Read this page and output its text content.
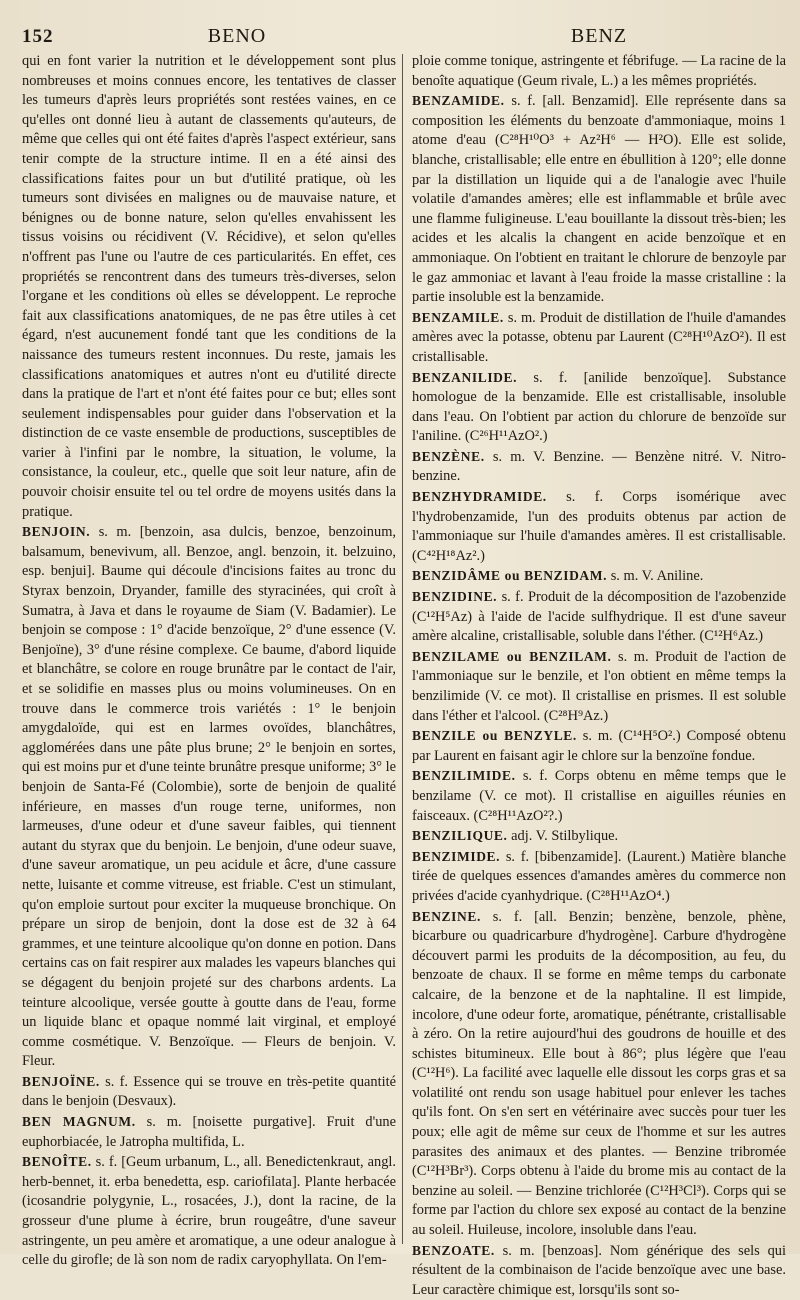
152	BENO	BENZ

qui en font varier la nutrition et le développement sont plus nombreuses et moins connues encore, les tentatives de classer les tumeurs d'après leurs propriétés sont restées vaines, en ce qu'elles ont donné lieu à autant de classements qu'auteurs, de même que celles qui ont été faites d'après l'aspect extérieur, sans tenir compte de la structure intime. Il en a été ainsi des classifications faites pour un but d'utilité pratique, où les tumeurs sont divisées en malignes ou de mauvaise nature, et bénignes ou de bonne nature, selon qu'elles envahissent les tissus voisins ou récidivent (V. Récidive), et selon qu'elles n'offrent pas l'une ou l'autre de ces particularités. En effet, ces propriétés se rencontrent dans des tumeurs très-diverses, selon l'organe et les conditions où elles se développent. Le reproche fait aux classifications anatomiques, de ne pas être utiles à cet égard, n'est aucunement fondé tant que les conditions de la naissance des tumeurs restent inconnues. Du reste, jamais les classifications anatomiques et autres n'ont eu d'utilité directe dans la pratique de l'art et n'ont été faites pour ce but; elles sont seulement indispensables pour guider dans l'observation et la distinction de ce vaste ensemble de productions, susceptibles de varier à l'infini par le nombre, la situation, le volume, la consistance, la couleur, etc., quelle que soit leur nature, afin de pouvoir choisir ensuite tel ou tel ordre de moyens usités dans la pratique.

BENJOIN. s. m. [benzoin, asa dulcis, benzoe, benzoinum, balsamum, benevivum, all. Benzoe, angl. benzoin, it. belzuino, esp. benjui]. Baume qui découle d'incisions faites au tronc du Styrax benzoin, Dryander, famille des styracinées, qui croît à Sumatra, à Java et dans le royaume de Siam (V. Badamier). Le benjoin se compose : 1° d'acide benzoïque, 2° d'une essence (V. Benjoïne), 3° d'une résine complexe. Ce baume, d'abord liquide et blanchâtre, se colore en rouge brunâtre par le contact de l'air, et se solidifie en masses plus ou moins volumineuses. On en trouve dans le commerce trois variétés : 1° le benjoin amygdaloïde, qui est en larmes ovoïdes, blanchâtres, agglomérées dans une pâte plus brune; 2° le benjoin en sortes, qui est moins pur et d'une teinte brunâtre presque uniforme; 3° le benjoin de Santa-Fé (Colombie), sorte de benjoin de qualité inférieure, en masses d'un rouge terne, uniformes, non larmeuses, d'une odeur et d'une saveur faibles, qui tiennent autant du styrax que du benjoin. Le benjoin, d'une odeur suave, d'une saveur aromatique, un peu acidule et âcre, d'une cassure nette, luisante et comme vitreuse, est friable. C'est un stimulant, qu'on emploie surtout pour exciter la muqueuse bronchique. On prépare un sirop de benjoin, dont la dose est de 32 à 64 grammes, et une teinture alcoolique qu'on donne en potion. Dans certains cas on fait respirer aux malades les vapeurs blanches qui se dégagent du benjoin projeté sur des charbons ardents. La teinture alcoolique, versée goutte à goutte dans de l'eau, forme un liquide blanc et opaque nommé lait virginal, et employé comme cosmétique. V. Benzoïque. — Fleurs de benjoin. V. Fleur.

BENJOÏNE. s. f. Essence qui se trouve en très-petite quantité dans le benjoin (Desvaux).

BEN MAGNUM. s. m. [noisette purgative]. Fruit d'une euphorbiacée, le Jatropha multifida, L.

BENOÎTE. s. f. [Geum urbanum, L., all. Benedictenkraut, angl. herb-bennet, it. erba benedetta, esp. cariofilata]. Plante herbacée (icosandrie polygynie, L., rosacées, J.), dont la racine, de la grosseur d'une plume à écrire, brun rougeâtre, d'une saveur astringente, un peu amère et aromatique, a une odeur analogue à celle du girofle; de là son nom de radix caryophyllata. On l'em-

ploie comme tonique, astringente et fébrifuge. — La racine de la benoîte aquatique (Geum rivale, L.) a les mêmes propriétés.

BENZAMIDE. s. f. [all. Benzamid]. Elle représente dans sa composition les éléments du benzoate d'ammoniaque, moins 1 atome d'eau (C²⁸H¹⁰O³ + Az²H⁶ — H²O). Elle est solide, blanche, cristallisable; elle entre en ébullition à 120°; elle donne par la distillation un liquide qui a de l'analogie avec l'huile volatile d'amandes amères; elle est inflammable et brûle avec une flamme fuligineuse. L'eau bouillante la dissout très-bien; les acides et les alcalis la changent en acide benzoïque et en ammoniaque. On l'obtient en traitant le chlorure de benzoyle par le gaz ammoniac et lavant à l'eau froide la masse cristalline : la partie insoluble est la benzamide.

BENZAMILE. s. m. Produit de distillation de l'huile d'amandes amères avec la potasse, obtenu par Laurent (C²⁸H¹⁰AzO²). Il est cristallisable.

BENZANILIDE. s. f. [anilide benzoïque]. Substance homologue de la benzamide. Elle est cristallisable, insoluble dans l'eau. On l'obtient par action du chlorure de benzoïde sur l'aniline. (C²⁶H¹¹AzO².)

BENZÈNE. s. m. V. Benzine. — Benzène nitré. V. Nitro-benzine.

BENZHYDRAMIDE. s. f. Corps isomérique avec l'hydrobenzamide, l'un des produits obtenus par action de l'ammoniaque sur l'huile d'amandes amères. Il est cristallisable. (C⁴²H¹⁸Az².)

BENZIDÂME ou BENZIDAM. s. m. V. Aniline.

BENZIDINE. s. f. Produit de la décomposition de l'azobenzide (C¹²H⁵Az) à l'aide de l'acide sulfhydrique. Il est d'une saveur amère alcaline, cristallisable, soluble dans l'éther. (C¹²H⁶Az.)

BENZILAME ou BENZILAM. s. m. Produit de l'action de l'ammoniaque sur le benzile, et l'on obtient en même temps la benzilimide (V. ce mot). Il cristallise en prismes. Il est soluble dans l'éther et l'alcool. (C²⁸H⁹Az.)

BENZILE ou BENZYLE. s. m. (C¹⁴H⁵O².) Composé obtenu par Laurent en faisant agir le chlore sur la benzoïne fondue.

BENZILIMIDE. s. f. Corps obtenu en même temps que le benzilame (V. ce mot). Il cristallise en aiguilles réunies en faisceaux. (C²⁸H¹¹AzO²?.)

BENZILIQUE. adj. V. Stilbylique.

BENZIMIDE. s. f. [bibenzamide]. (Laurent.) Matière blanche tirée de quelques essences d'amandes amères du commerce non privées d'acide cyanhydrique. (C²⁸H¹¹AzO⁴.)

BENZINE. s. f. [all. Benzin; benzène, benzole, phène, bicarbure ou quadricarbure d'hydrogène]. Carbure d'hydrogène découvert parmi les produits de la décomposition, au feu, du benzoate de chaux. Il se forme en même temps du carbonate calcaire, de la benzone et de la naphtaline. Il est limpide, incolore, d'une odeur forte, aromatique, pénétrante, cristallisable à zéro. On la retire aujourd'hui des goudrons de houille et des schistes bitumineux. Elle bout à 86°; plus légère que l'eau (C¹²H⁶). La facilité avec laquelle elle dissout les corps gras et sa volatilité ont rendu son usage habituel pour enlever les taches qu'ils font. On s'en sert en vétérinaire avec succès pour tuer les poux; elle agit de même sur ceux de l'homme et sur les autres parasites des animaux et des plantes. — Benzine tribromée (C¹²H³Br³). Corps obtenu à l'aide du brome mis au contact de la benzine au soleil. — Benzine trichlorée (C¹²H³Cl³). Corps qui se forme par l'action du chlore sex exposé au contact de la benzine au soleil. Huileuse, incolore, insoluble dans l'eau.

BENZOATE. s. m. [benzoas]. Nom générique des sels qui résultent de la combinaison de l'acide benzoïque avec une base. Leur caractère chimique est, lorsqu'ils sont so-
